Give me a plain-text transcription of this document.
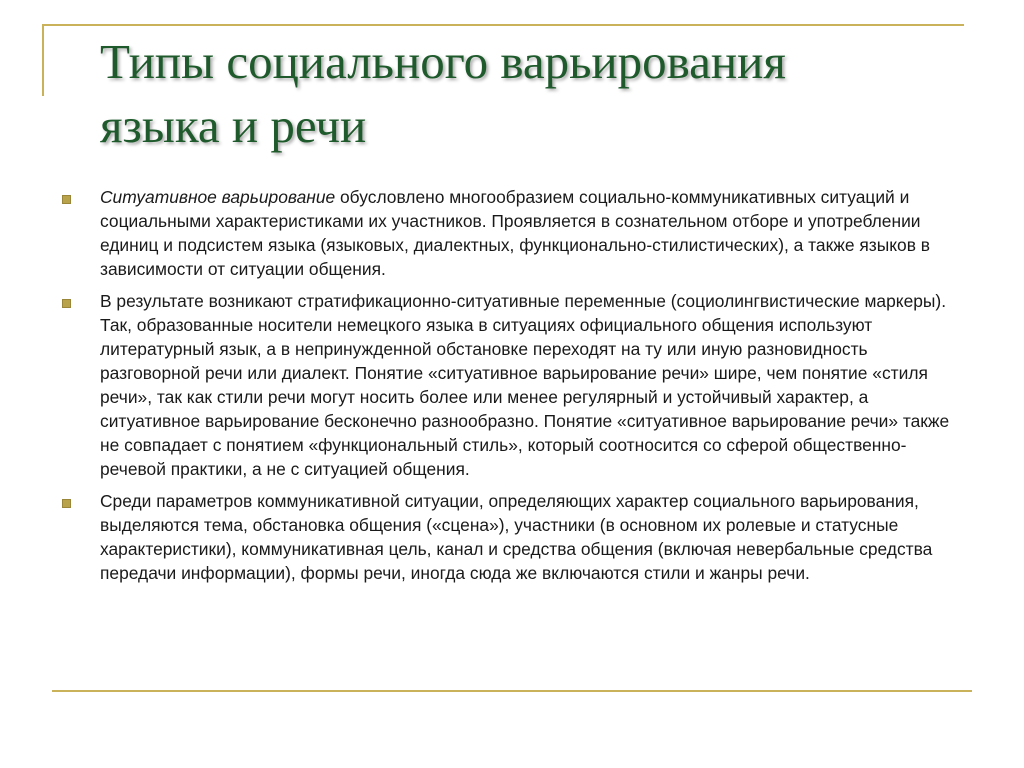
Типы социального варьирования
языка и речи
Ситуативное варьирование обусловлено многообразием социально-коммуникативных ситуаций и социальными характеристиками их участников. Проявляется в сознательном отборе и употреблении единиц и подсистем языка (языковых, диалектных, функционально-стилистических), а также языков в зависимости от ситуации общения.
В результате возникают стратификационно-ситуативные переменные (социолингвистические маркеры). Так, образованные носители немецкого языка в ситуациях официального общения используют литературный язык, а в непринужденной обстановке переходят на ту или иную разновидность разговорной речи или диалект. Понятие «ситуативное варьирование речи» шире, чем понятие «стиля речи», так как стили речи могут носить более или менее регулярный и устойчивый характер, а ситуативное варьирование бесконечно разнообразно. Понятие «ситуативное варьирование речи» также не совпадает с понятием «функциональный стиль», который соотносится со сферой общественно-речевой практики, а не с ситуацией общения.
Среди параметров коммуникативной ситуации, определяющих характер социального варьирования, выделяются тема, обстановка общения («сцена»), участники (в основном их ролевые и статусные характеристики), коммуникативная цель, канал и средства общения (включая невербальные средства передачи информации), формы речи, иногда сюда же включаются стили и жанры речи.
